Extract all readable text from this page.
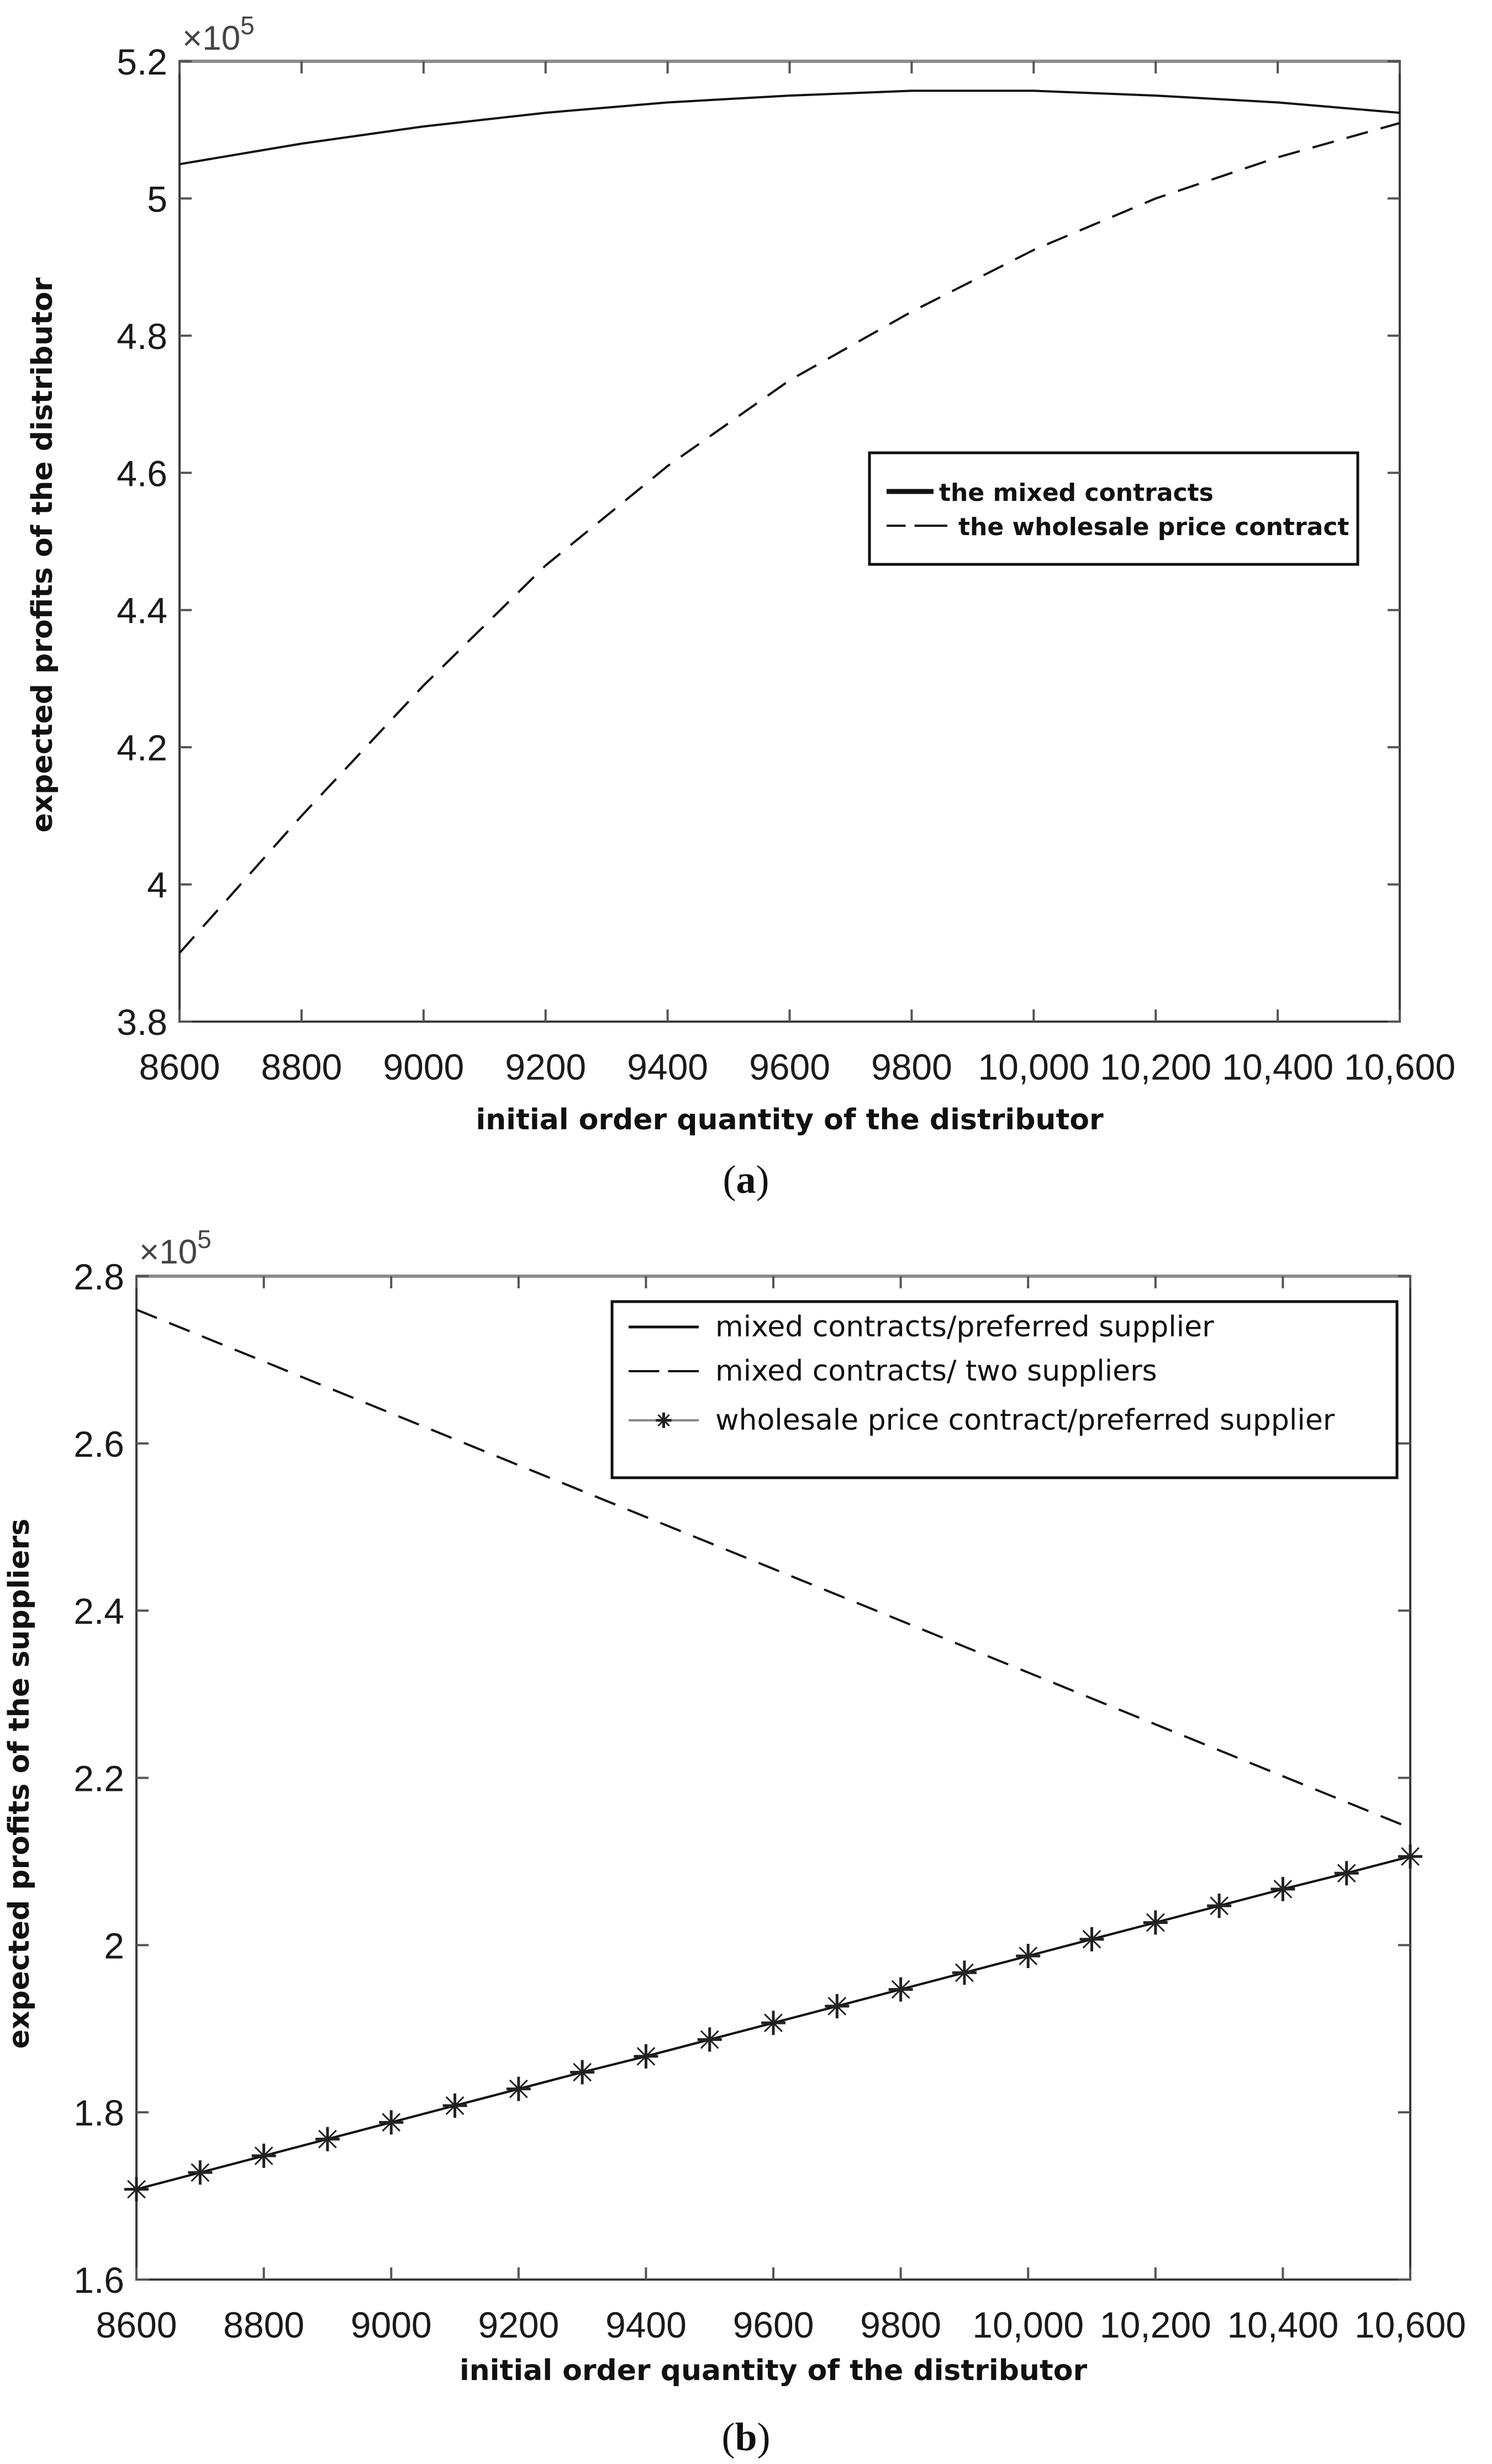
8600 8800 9000 9200 9400 9600 9800 10,000 10,200 10,400 10,600
3.8
4
4.2
4.4
4.6
4.8
5
5.2
$\times 10^5$
initial order quantity of the distributor
expected profits of the distributor	the mixed contracts
the wholesale price contract
(a)
8600 8800 9000 9200 9400 9600 9800 10,000 10,200 10,400 10,600
1.6
1.8
2
2.2
2.4
2.6
2.8
$\times 10^5$
initial order quantity of the distributor
expected profits of the suppliers
mixed contracts/preferred supplier
mixed contracts/ two suppliers
wholesale price contract/preferred supplier
(b)
